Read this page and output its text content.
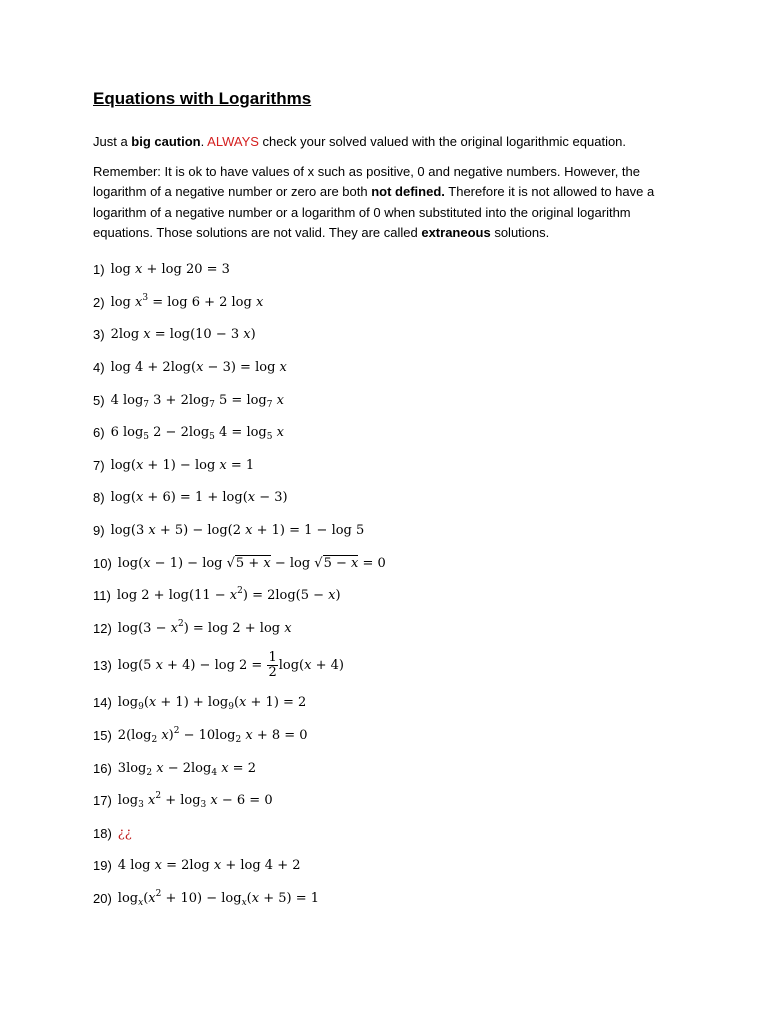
Equations with Logarithms

Just a big caution. ALWAYS check your solved valued with the original logarithmic equation.

Remember: It is ok to have values of x such as positive, 0 and negative numbers. However, the logarithm of a negative number or zero are both not defined. Therefore it is not allowed to have a logarithm of a negative number or a logarithm of 0 when substituted into the original logarithm equations. Those solutions are not valid. They are called extraneous solutions.

1) log x + log 20 = 3
2) $\log x^3 = \log 6 + 2$ log x
3) 2log x = log(10 − 3 x)
4) log 4 + 2log(x − 3) = log x
5) 4 $\log_7 3 + 2\log_7$ $5 = \log_7 x$
6) 6 $\log_5 2 - 2\log_5$ $4 = \log_5 x$
7) log(x + 1) − log x = 1
8) log(x + 6) = 1 + log(x − 3)
9) log(3 x + 5) − log(2 x + 1) = 1 − log 5
10) log(x − 1) − log √5 + x − log √5 − x = 0
11) $\log 2 + \log(11 - x^2) = 2\log(5 - x)$
12) $\log(3 - x^2) = \log 2 + \log x$
13) log(5 $x + 4) - \log 2 = \frac{1}{2} \log(x + 4)$
14) $\log_9(x + 1) + \log_9(x + 1) = 2$
15) $2(\log_2$ $x)^2 - 10\log_2$ x + 8 = 0
16) $3\log_2$ $x - 2\log_4$ x = 2
17) $\log_3 x^2 + \log_3 x - 6 = 0$
18) ¿¿
19) 4 log x = 2log x + log 4 + 2
20) $\log_x(x^2 + 10) - \log_x(x + 5) = 1$
